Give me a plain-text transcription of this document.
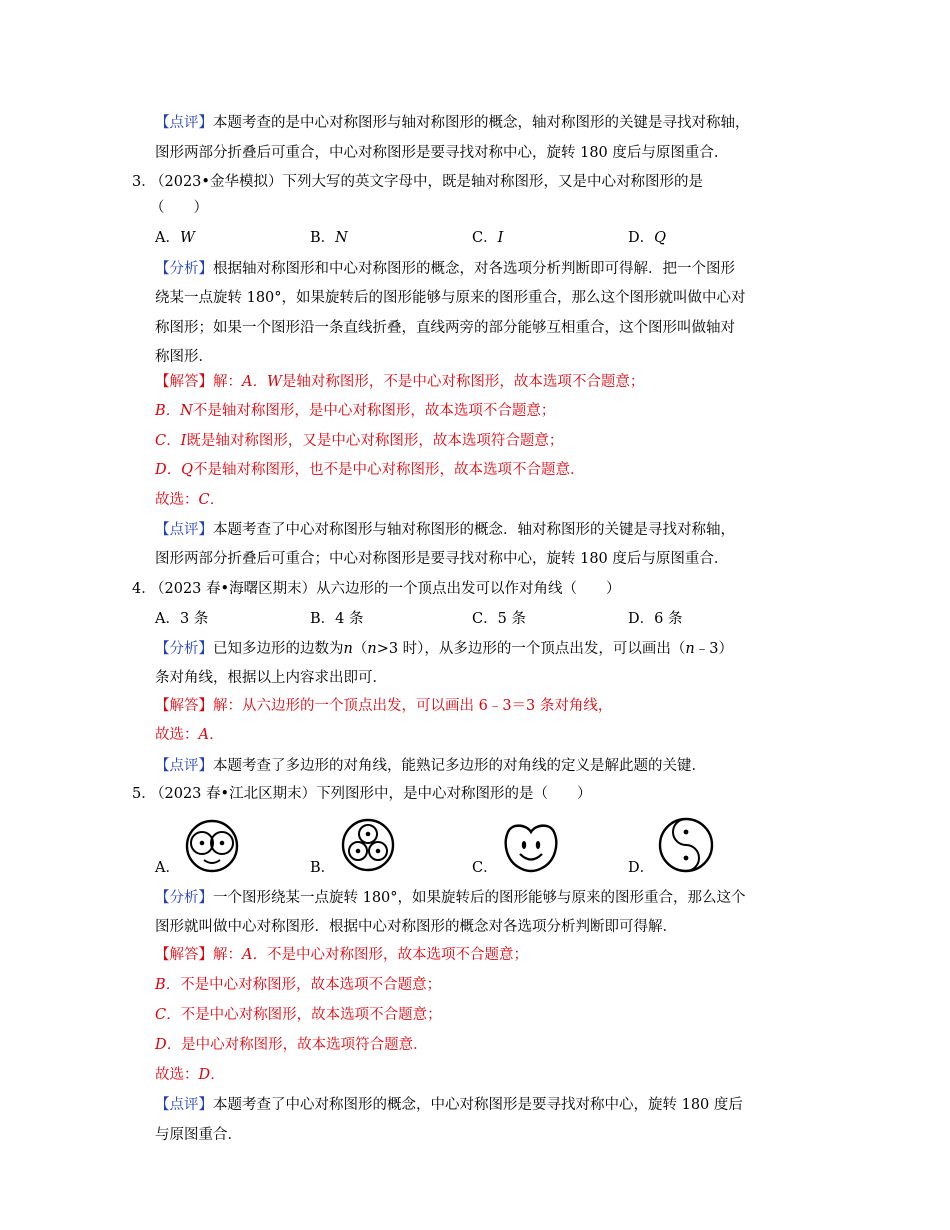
【点评】本题考查的是中心对称图形与轴对称图形的概念，轴对称图形的关键是寻找对称轴，
图形两部分折叠后可重合，中心对称图形是要寻找对称中心，旋转 180 度后与原图重合.
3．
（2023•金华模拟）下列大写的英文字母中，既是轴对称图形，又是中心对称图形的是
（　　）
A．W	B．N	C．I	D．Q
【分析】根据轴对称图形和中心对称图形的概念，对各选项分析判断即可得解．把一个图形
绕某一点旋转 180°，如果旋转后的图形能够与原来的图形重合，那么这个图形就叫做中心对
称图形；如果一个图形沿一条直线折叠，直线两旁的部分能够互相重合，这个图形叫做轴对
称图形．
【解答】解：A．W是轴对称图形，不是中心对称图形，故本选项不合题意；
B．N不是轴对称图形，是中心对称图形，故本选项不合题意；
C．I既是轴对称图形，又是中心对称图形，故本选项符合题意；
D．Q不是轴对称图形，也不是中心对称图形，故本选项不合题意．
故选：C．
【点评】本题考查了中心对称图形与轴对称图形的概念．轴对称图形的关键是寻找对称轴，
图形两部分折叠后可重合；中心对称图形是要寻找对称中心，旋转 180 度后与原图重合．
4．
（2023 春•海曙区期末）从六边形的一个顶点出发可以作对角线（　　）
A．3 条	B．4 条	C．5 条	D．6 条
【分析】已知多边形的边数为n（n>3 时），从多边形的一个顶点出发，可以画出（n﹣3）
条对角线，根据以上内容求出即可．
【解答】解：从六边形的一个顶点出发，可以画出 6﹣3＝3 条对角线，
故选：A．
【点评】本题考查了多边形的对角线，能熟记多边形的对角线的定义是解此题的关键．
5．
（2023 春•江北区期末）下列图形中，是中心对称图形的是（　　）
A．	B．	C．	D．
【分析】一个图形绕某一点旋转 180°，如果旋转后的图形能够与原来的图形重合，那么这个
图形就叫做中心对称图形．根据中心对称图形的概念对各选项分析判断即可得解．
【解答】解：A．不是中心对称图形，故本选项不合题意；
B．不是中心对称图形，故本选项不合题意；
C．不是中心对称图形，故本选项不合题意；
D．是中心对称图形，故本选项符合题意．
故选：D．
【点评】本题考查了中心对称图形的概念，中心对称图形是要寻找对称中心，旋转 180 度后
与原图重合．
